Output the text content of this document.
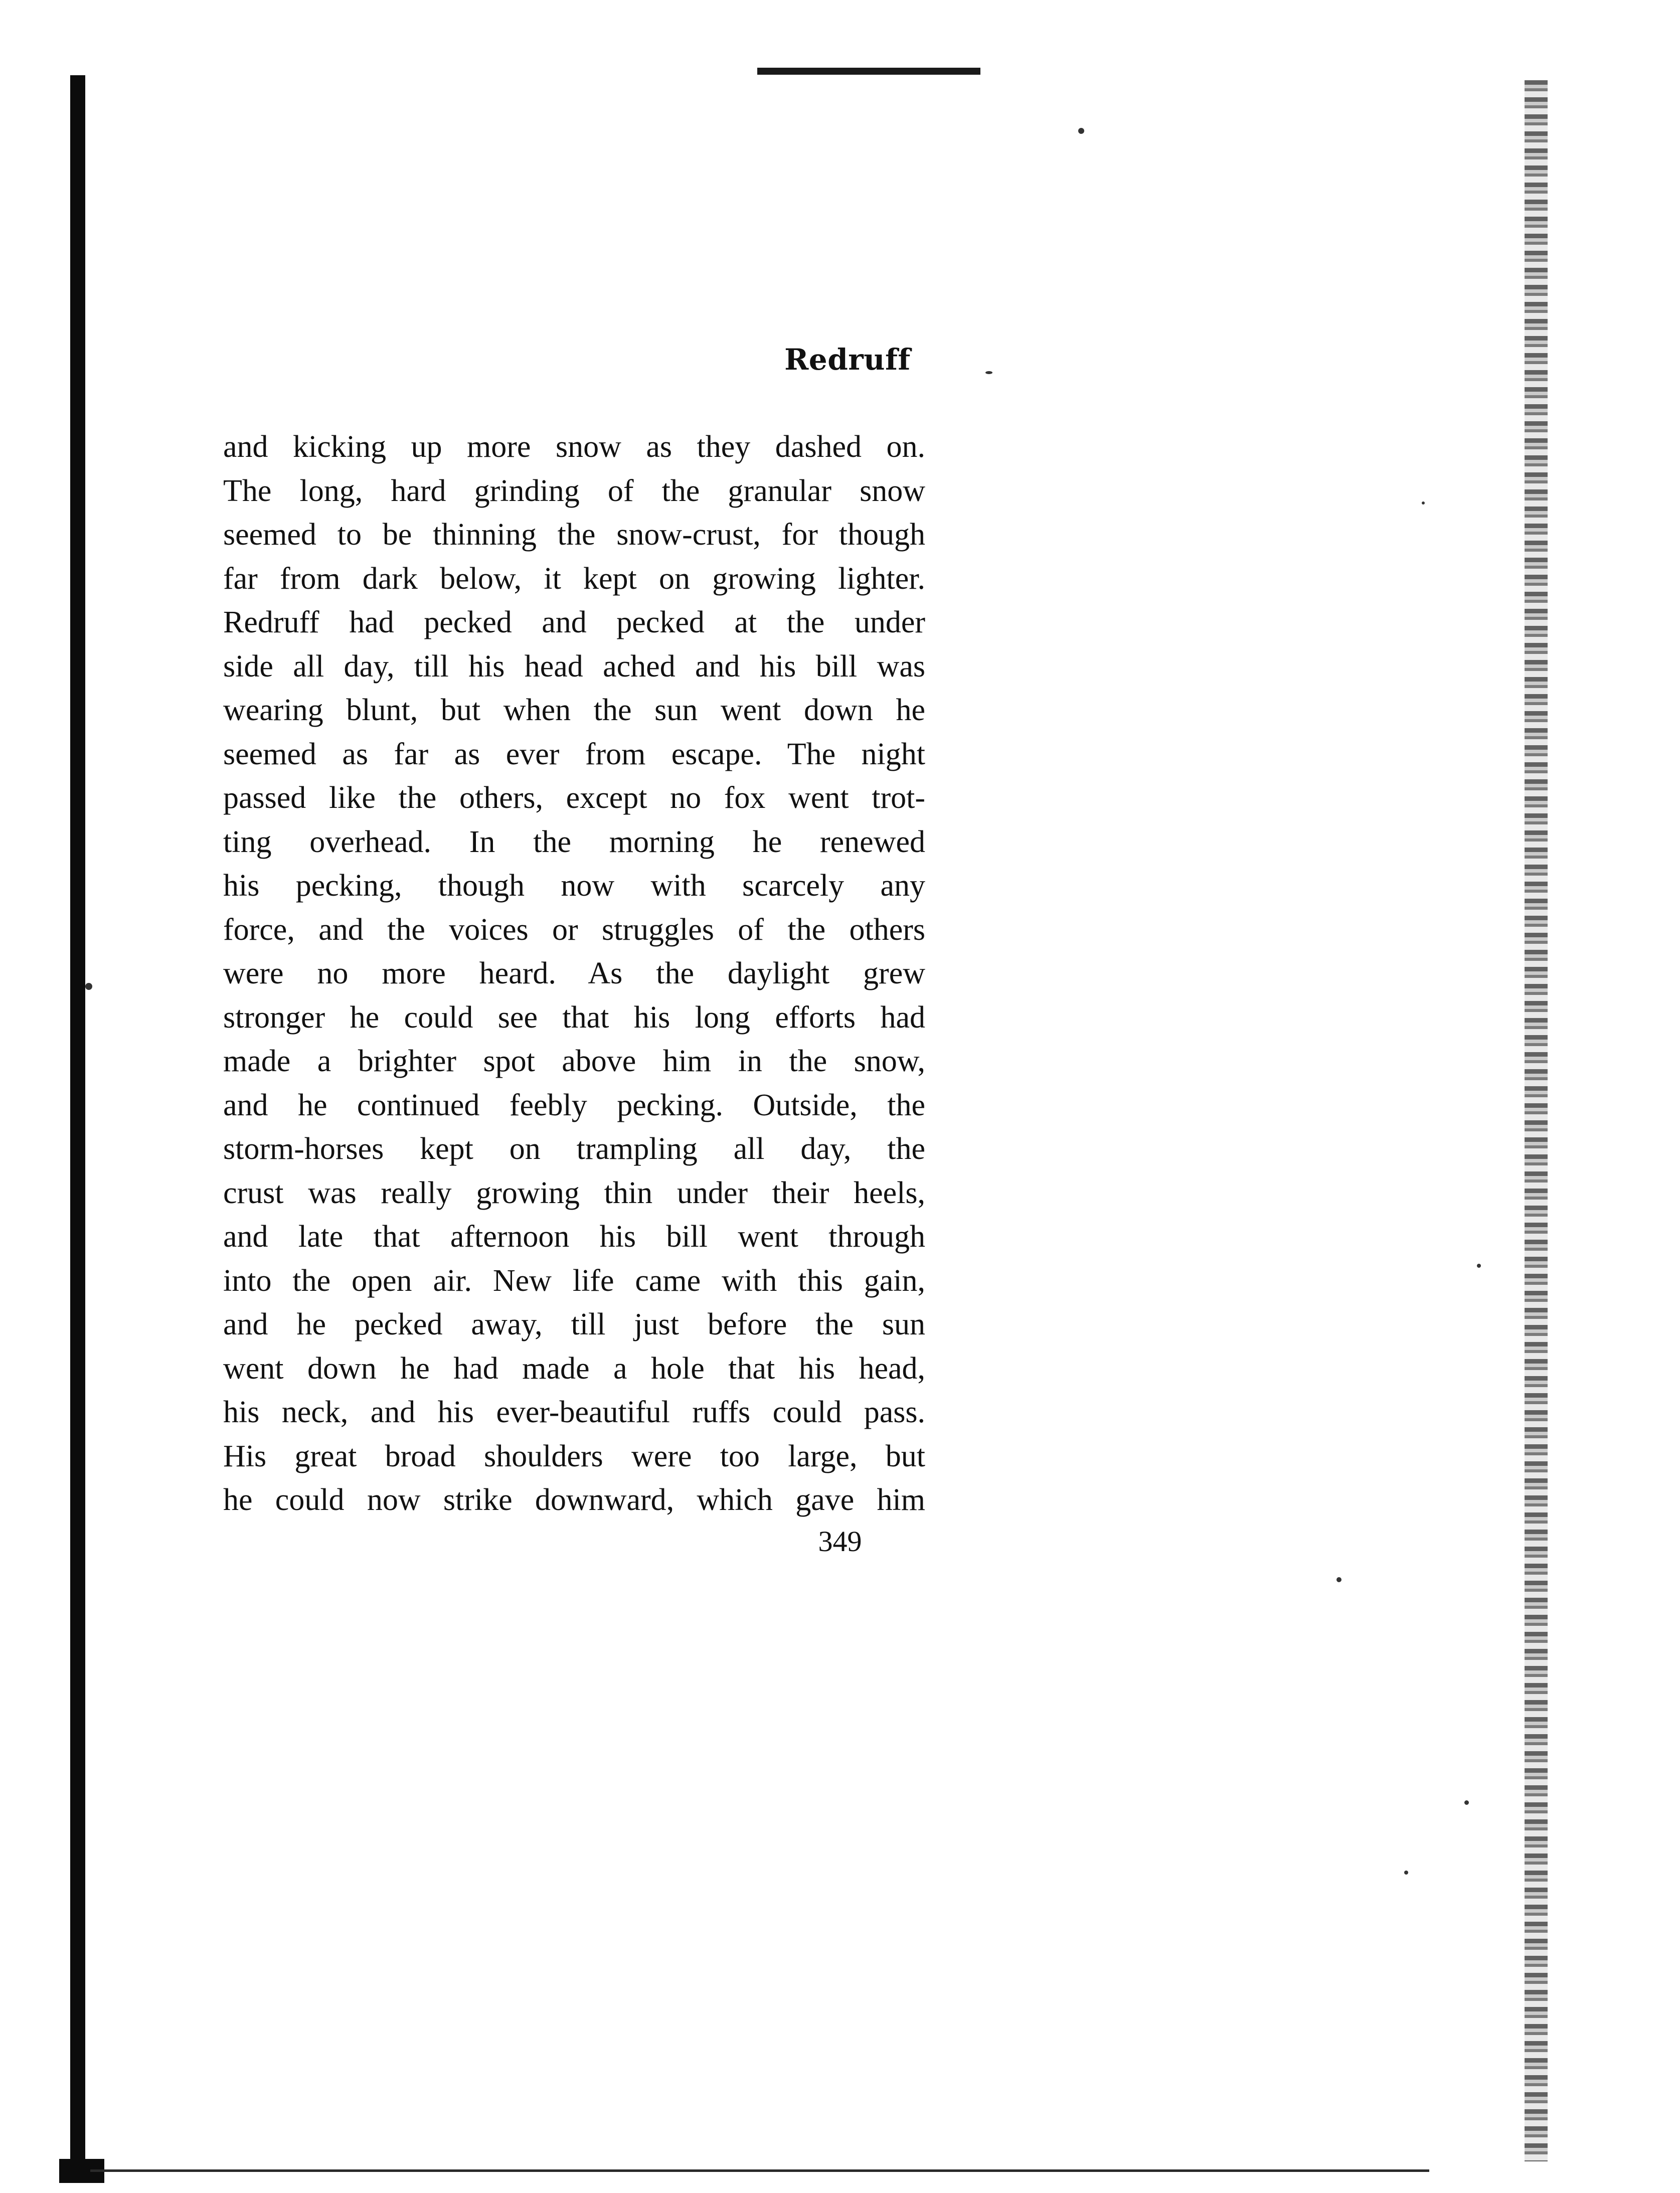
Redruff
and kicking up more snow as they dashed on.
The long, hard grinding of the granular snow
seemed to be thinning the snow-crust, for though
far from dark below, it kept on growing lighter.
Redruff had pecked and pecked at the under
side all day, till his head ached and his bill was
wearing blunt, but when the sun went down he
seemed as far as ever from escape. The night
passed like the others, except no fox went trot-
ting overhead. In the morning he renewed
his pecking, though now with scarcely any
force, and the voices or struggles of the others
were no more heard. As the daylight grew
stronger he could see that his long efforts had
made a brighter spot above him in the snow,
and he continued feebly pecking. Outside, the
storm-horses kept on trampling all day, the
crust was really growing thin under their heels,
and late that afternoon his bill went through
into the open air. New life came with this gain,
and he pecked away, till just before the sun
went down he had made a hole that his head,
his neck, and his ever-beautiful ruffs could pass.
His great broad shoulders were too large, but
he could now strike downward, which gave him
349
